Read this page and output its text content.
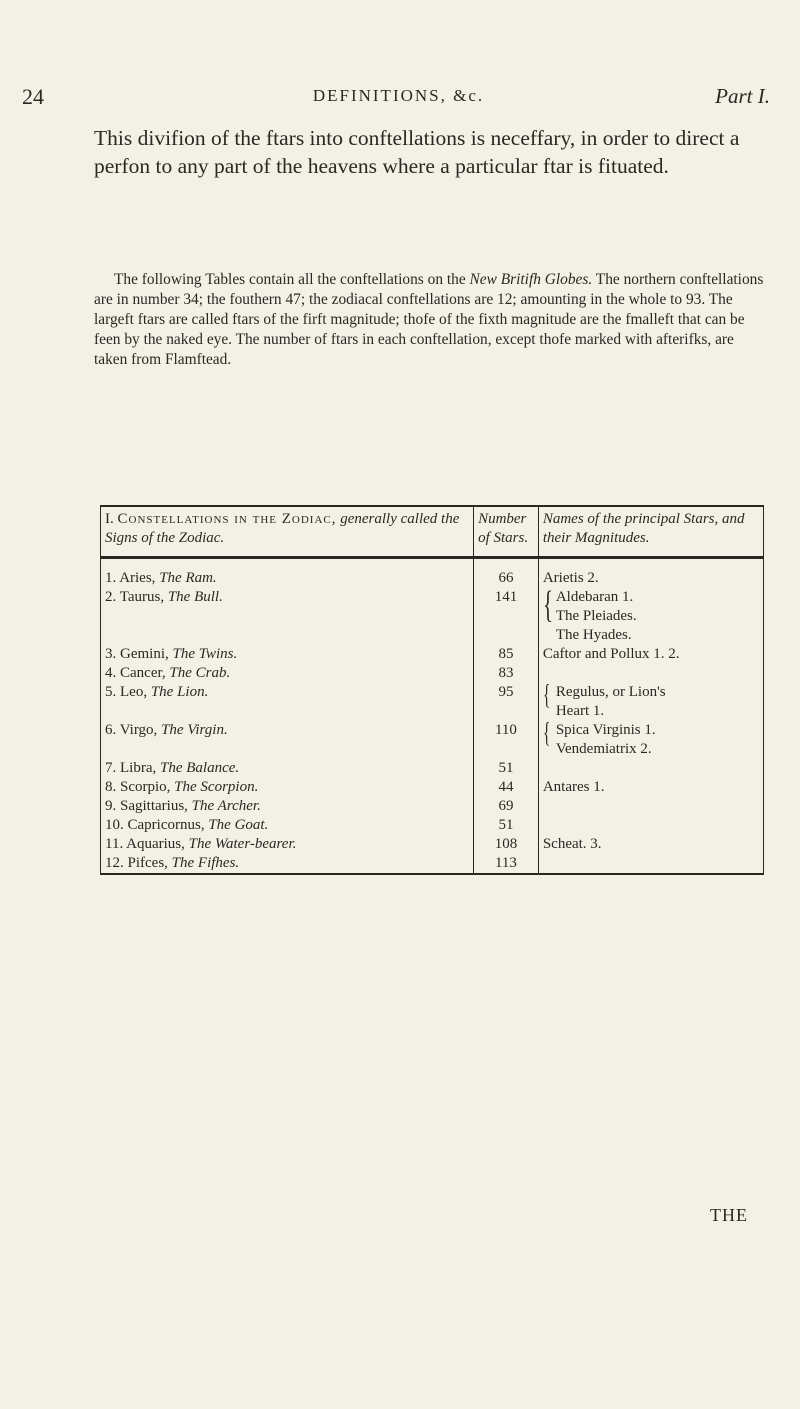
24	DEFINITIONS, &c.	Part I.

This divifion of the ftars into conftellations is neceffary, in order to direct a perfon to any part of the heavens where a particular ftar is fituated.

The following Tables contain all the conftellations on the New Britifh Globes. The northern conftellations are in number 34; the fouthern 47; the zodiacal conftellations are 12; amounting in the whole to 93. The largeft ftars are called ftars of the firft magnitude; thofe of the fixth magnitude are the fmalleft that can be feen by the naked eye. The number of ftars in each conftellation, except thofe marked with afterifks, are taken from Flamftead.

I. Constellations in the Zodiac, generally called the Signs of the Zodiac.	Number of Stars.	Names of the principal Stars, and their Magnitudes.
1. Aries, The Ram.	66	Arietis 2.

2. Taurus, The Bull.	141	{ Aldebaran 1.
The Pleiades.
The Hyades.

3. Gemini, The Twins.	85	Caftor and Pollux 1. 2.

4. Cancer, The Crab.	83	

5. Leo, The Lion.	95	{ Regulus, or Lion's
Heart 1.

6. Virgo, The Virgin.	110	{ Spica Virginis 1.
Vendemiatrix 2.

7. Libra, The Balance.	51	

8. Scorpio, The Scorpion.	44	Antares 1.

9. Sagittarius, The Archer.	69	

10. Capricornus, The Goat.	51	

11. Aquarius, The Water-bearer.	108	Scheat. 3.

12. Pifces, The Fifhes.	113	
THE
